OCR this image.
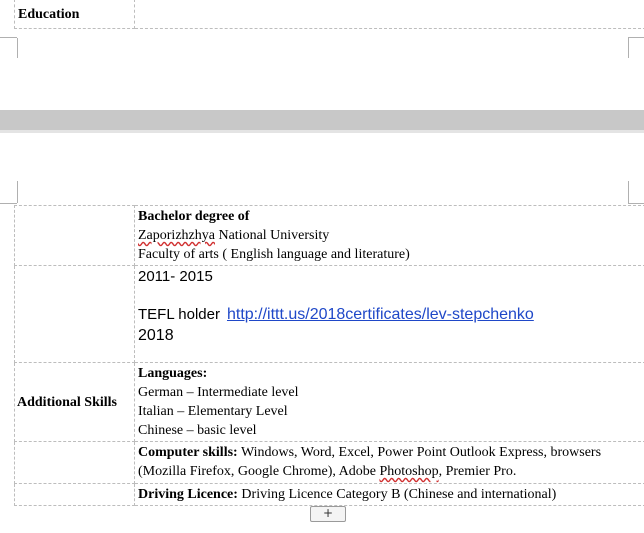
Education	

	Bachelor degree of
Zaporizhzhya National University
Faculty of arts ( English language and literature)

	2011- 2015
TEFL holder http://ittt.us/2018certificates/lev-stepchenko
2018

Additional Skills	Languages:
German – Intermediate level
Italian – Elementary Level
Chinese – basic level

	Computer skills: Windows, Word, Excel, Power Point Outlook Express, browsers (Mozilla Firefox, Google Chrome), Adobe Photoshop, Premier Pro.
	Driving Licence: Driving Licence Category B (Chinese and international)
+
